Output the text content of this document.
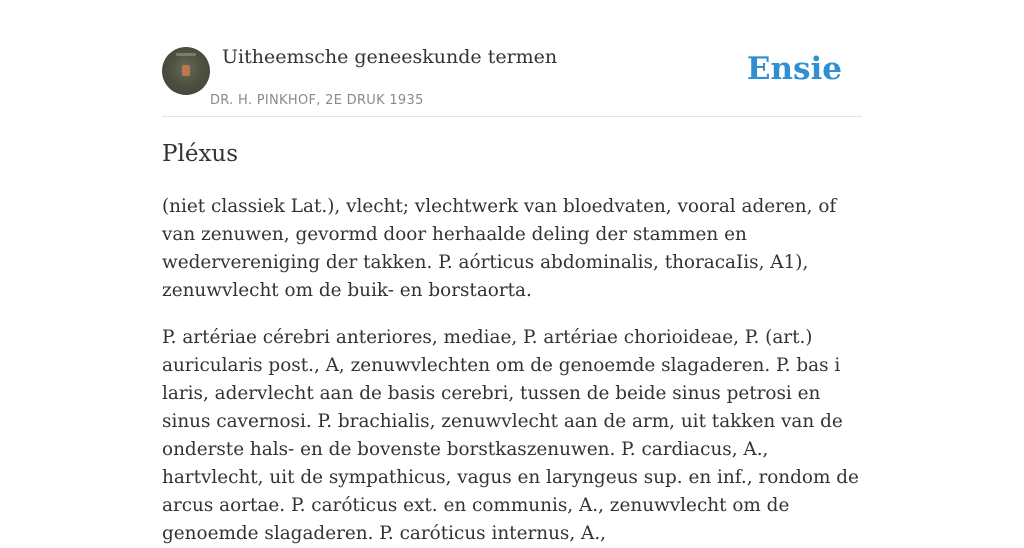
Uitheemsche geneeskunde termen
DR. H. PINKHOF, 2E DRUK 1935
Ensie
Pléxus

(niet classiek Lat.), vlecht; vlechtwerk van bloedvaten, vooral aderen, of van zenuwen, gevormd door herhaalde deling der stammen en wedervereniging der takken. P. aórticus abdominalis, thoracaIis, A1), zenuwvlecht om de buik- en borstaorta.

P. artériae cérebri anteriores, mediae, P. artériae chorioideae, P. (art.) auricularis post., A, zenuwvlechten om de genoemde slagaderen. P. bas i laris, adervlecht aan de basis cerebri, tussen de beide sinus petrosi en sinus cavernosi. P. brachialis, zenuwvlecht aan de arm, uit takken van de onderste hals- en de bovenste borstkaszenuwen. P. cardiacus, A., hartvlecht, uit de sympathicus, vagus en laryngeus sup. en inf., rondom de arcus aortae. P. caróticus ext. en communis, A., zenuwvlecht om de genoemde slagaderen. P. caróticus internus, A.,
